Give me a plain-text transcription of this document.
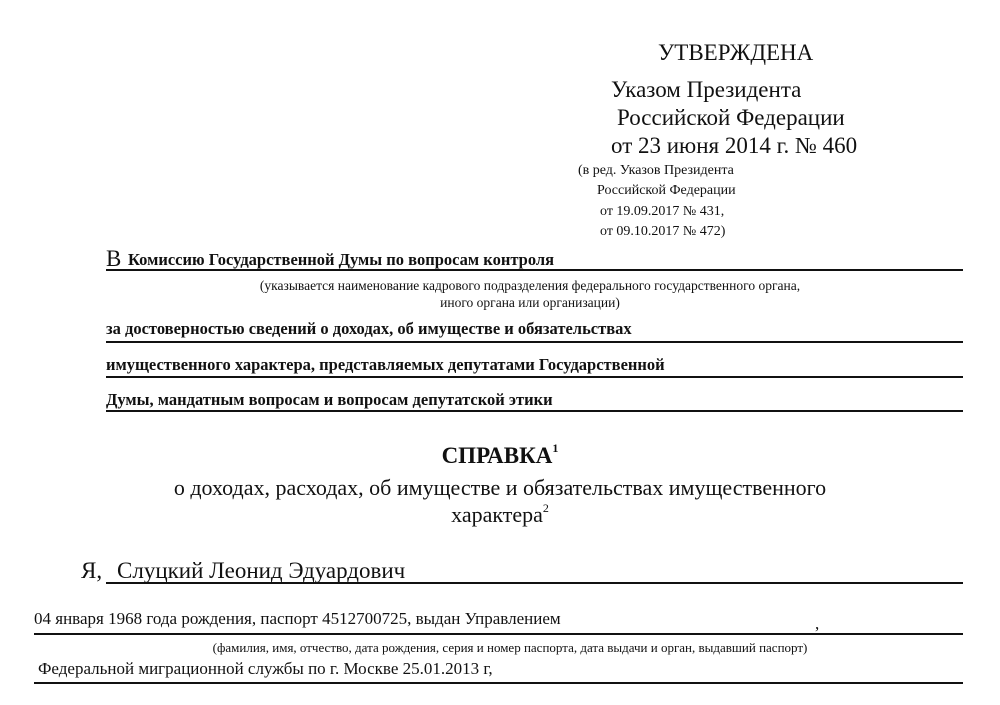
УТВЕРЖДЕНА
Указом Президента
Российской Федерации
от 23 июня 2014 г. № 460
(в ред. Указов Президента
Российской Федерации
от 19.09.2017 № 431,
от 09.10.2017 № 472)
В Комиссию Государственной Думы по вопросам контроля
(указывается наименование кадрового подразделения федерального государственного органа,
иного органа или организации)
за достоверностью сведений о доходах, об имуществе и обязательствах
имущественного характера, представляемых депутатами Государственной
Думы, мандатным вопросам и вопросам депутатской этики
СПРАВКА$^1$
о доходах, расходах, об имуществе и обязательствах имущественного
характера$^2$
Я, Слуцкий Леонид Эдуардович
04 января 1968 года рождения, паспорт 4512700725, выдан Управлением	,
(фамилия, имя, отчество, дата рождения, серия и номер паспорта, дата выдачи и орган, выдавший паспорт)
Федеральной миграционной службы по г. Москве 25.01.2013 г,
